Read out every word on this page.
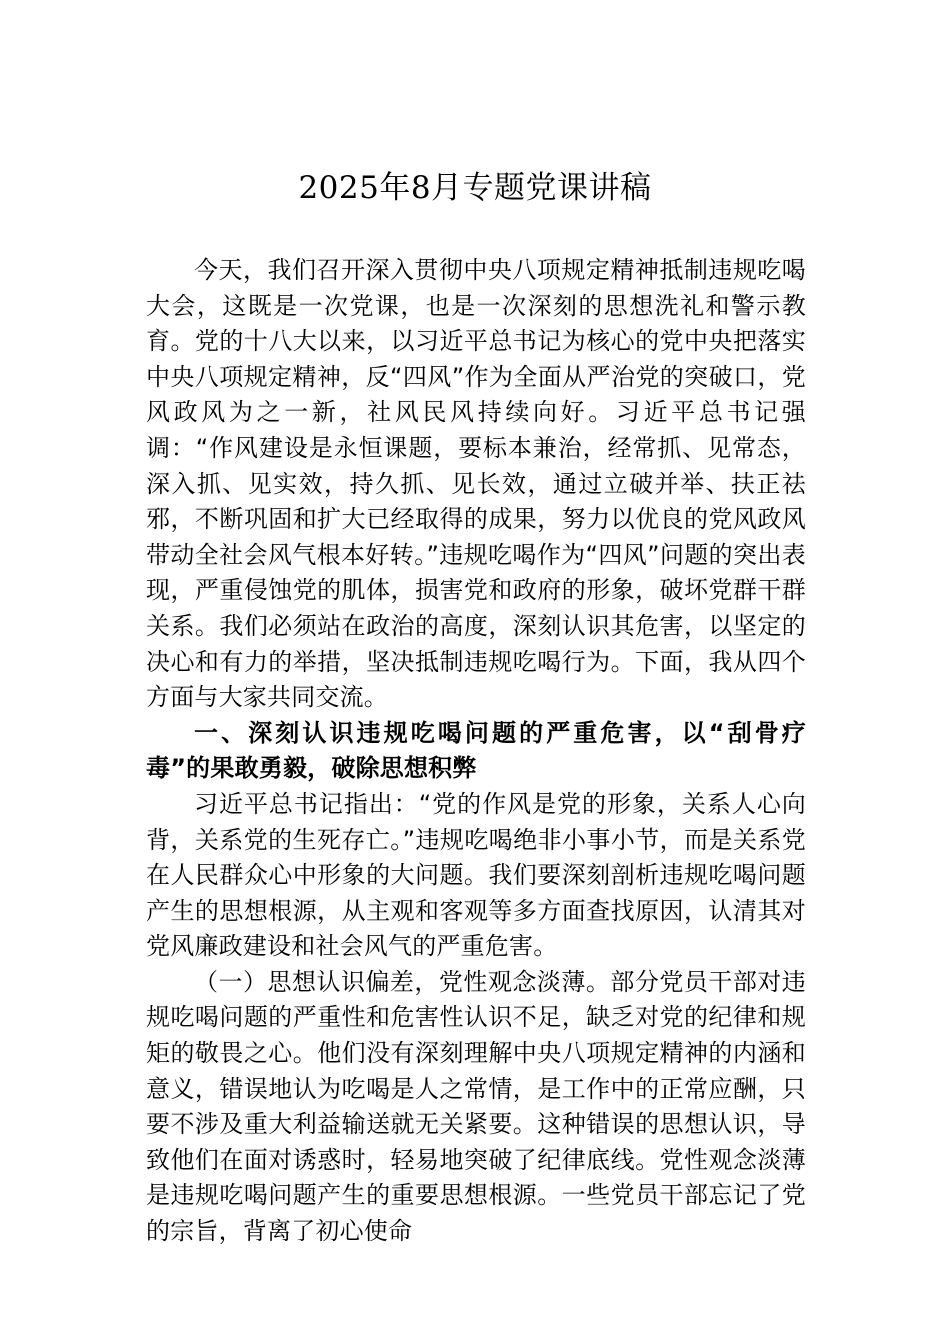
2025年8月专题党课讲稿

今天，我们召开深入贯彻中央八项规定精神抵制违规吃喝大会，这既是一次党课，也是一次深刻的思想洗礼和警示教育。党的十八大以来，以习近平总书记为核心的党中央把落实中央八项规定精神，反“四风”作为全面从严治党的突破口，党风政风为之一新，社风民风持续向好。习近平总书记强调：“作风建设是永恒课题，要标本兼治，经常抓、见常态，深入抓、见实效，持久抓、见长效，通过立破并举、扶正祛邪，不断巩固和扩大已经取得的成果，努力以优良的党风政风带动全社会风气根本好转。”违规吃喝作为“四风”问题的突出表现，严重侵蚀党的肌体，损害党和政府的形象，破坏党群干群关系。我们必须站在政治的高度，深刻认识其危害，以坚定的决心和有力的举措，坚决抵制违规吃喝行为。下面，我从四个方面与大家共同交流。

一、深刻认识违规吃喝问题的严重危害，以“刮骨疗毒”的果敢勇毅，破除思想积弊

习近平总书记指出：“党的作风是党的形象，关系人心向背，关系党的生死存亡。”违规吃喝绝非小事小节，而是关系党在人民群众心中形象的大问题。我们要深刻剖析违规吃喝问题产生的思想根源，从主观和客观等多方面查找原因，认清其对党风廉政建设和社会风气的严重危害。

（一）思想认识偏差，党性观念淡薄。部分党员干部对违规吃喝问题的严重性和危害性认识不足，缺乏对党的纪律和规矩的敬畏之心。他们没有深刻理解中央八项规定精神的内涵和意义，错误地认为吃喝是人之常情，是工作中的正常应酬，只要不涉及重大利益输送就无关紧要。这种错误的思想认识，导致他们在面对诱惑时，轻易地突破了纪律底线。党性观念淡薄是违规吃喝问题产生的重要思想根源。一些党员干部忘记了党的宗旨，背离了初心使命
